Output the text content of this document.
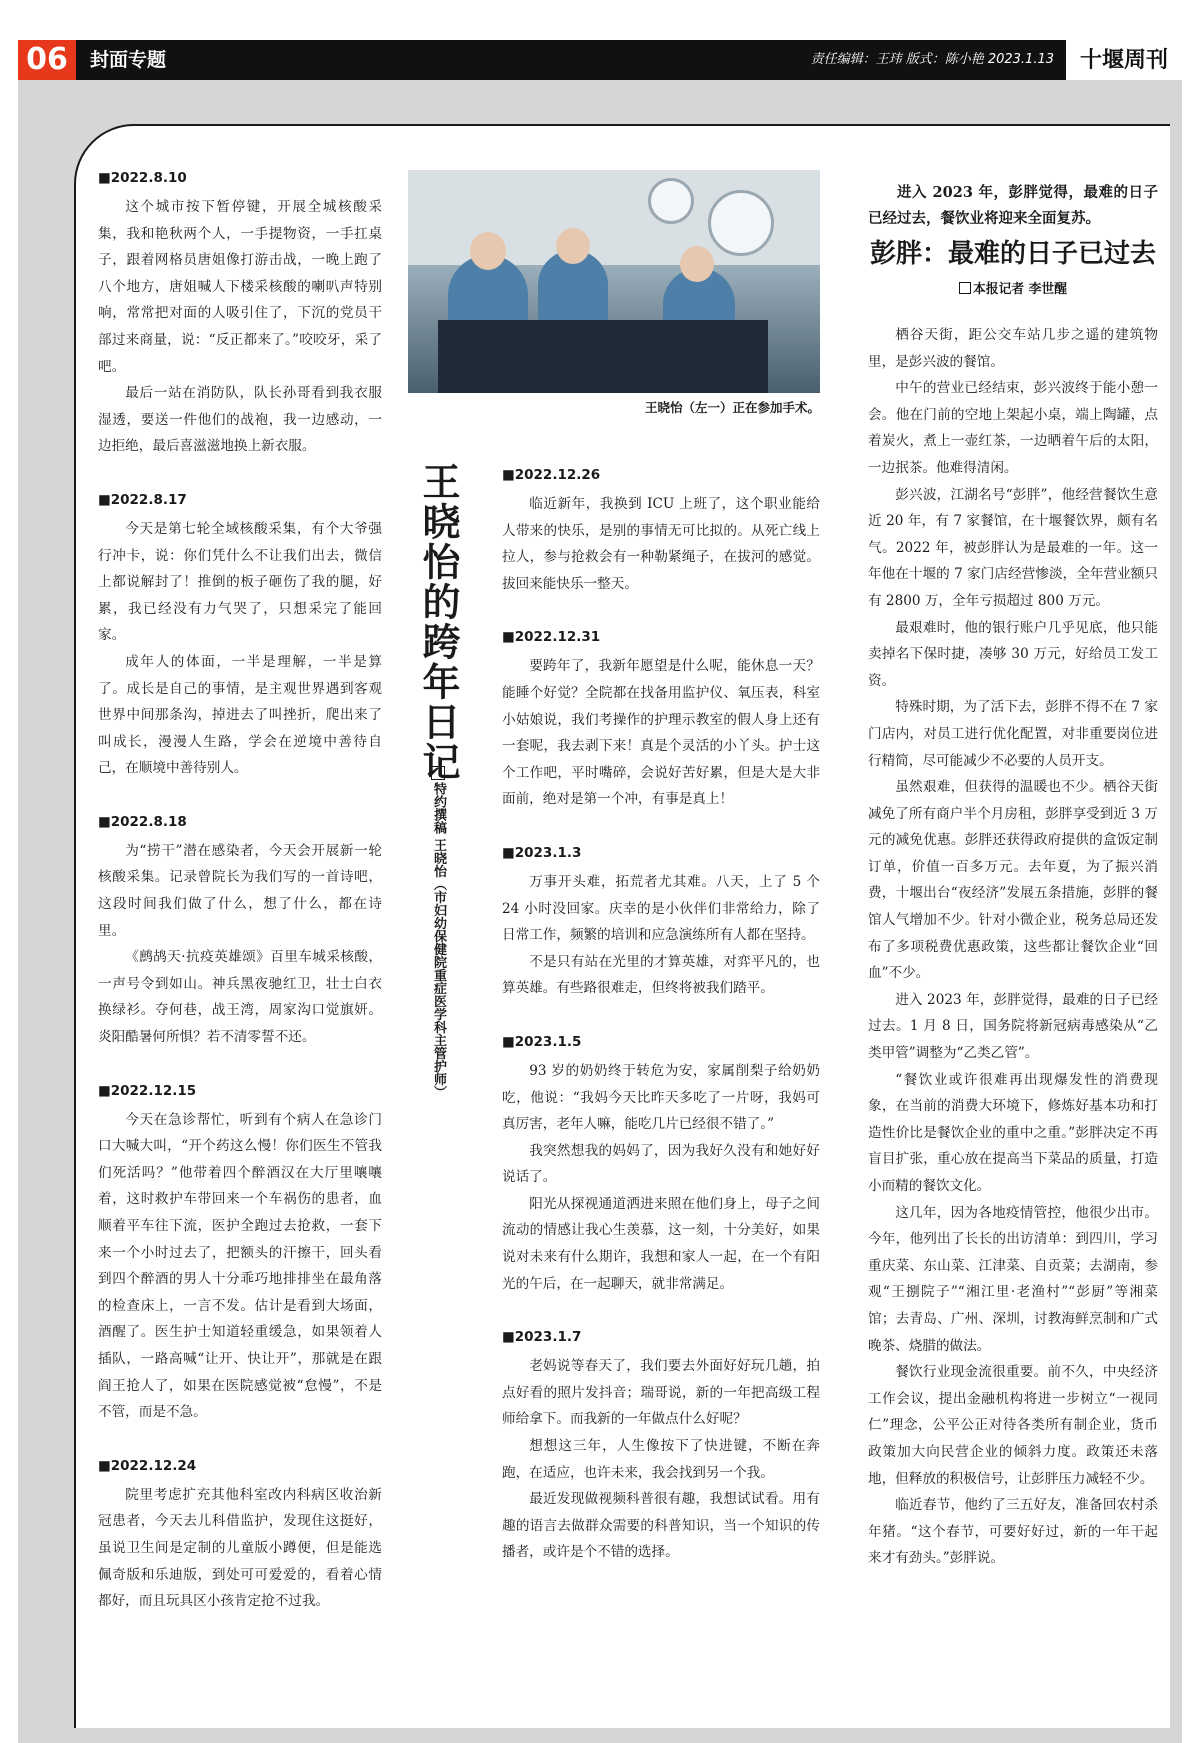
06	封面专题	责任编辑：王玮 版式：陈小艳 2023.1.13	十堰周刊
■2022.8.10

这个城市按下暂停键，开展全城核酸采集，我和艳秋两个人，一手提物资，一手扛桌子，跟着网格员唐姐像打游击战，一晚上跑了八个地方，唐姐喊人下楼采核酸的喇叭声特别响，常常把对面的人吸引住了，下沉的党员干部过来商量，说：“反正都来了。”咬咬牙，采了吧。

最后一站在消防队，队长孙哥看到我衣服湿透，要送一件他们的战袍，我一边感动，一边拒绝，最后喜滋滋地换上新衣服。

■2022.8.17

今天是第七轮全域核酸采集，有个大爷强行冲卡，说：你们凭什么不让我们出去，微信上都说解封了！推倒的板子砸伤了我的腿，好累，我已经没有力气哭了，只想采完了能回家。

成年人的体面，一半是理解，一半是算了。成长是自己的事情，是主观世界遇到客观世界中间那条沟，掉进去了叫挫折，爬出来了叫成长，漫漫人生路，学会在逆境中善待自己，在顺境中善待别人。

■2022.8.18

为“捞干”潜在感染者，今天会开展新一轮核酸采集。记录曾院长为我们写的一首诗吧，这段时间我们做了什么，想了什么，都在诗里。

《鹧鸪天·抗疫英雄颂》百里车城采核酸，一声号令到如山。神兵黑夜驰红卫，壮士白衣换绿衫。夺何巷，战王湾，周家沟口觉旗妍。炎阳酷暑何所惧？若不清零誓不还。

■2022.12.15

今天在急诊帮忙，听到有个病人在急诊门口大喊大叫，“开个药这么慢！你们医生不管我们死活吗？”他带着四个醉酒汉在大厅里嚷嚷着，这时救护车带回来一个车祸伤的患者，血顺着平车往下流，医护全跑过去抢救，一套下来一个小时过去了，把额头的汗擦干，回头看到四个醉酒的男人十分乖巧地排排坐在最角落的检查床上，一言不发。估计是看到大场面，酒醒了。医生护士知道轻重缓急，如果领着人插队，一路高喊“让开、快让开”，那就是在跟阎王抢人了，如果在医院感觉被“怠慢”，不是不管，而是不急。

■2022.12.24

院里考虑扩充其他科室改内科病区收治新冠患者，今天去儿科借监护，发现住这挺好，虽说卫生间是定制的儿童版小蹲便，但是能选佩奇版和乐迪版，到处可可爱爱的，看着心情都好，而且玩具区小孩肯定抢不过我。

王晓怡（左一）正在参加手术。
王晓怡的跨年日记
特约撰稿 王晓怡（市妇幼保健院重症医学科主管护师）
■2022.12.26

临近新年，我换到 ICU 上班了，这个职业能给人带来的快乐，是别的事情无可比拟的。从死亡线上拉人，参与抢救会有一种勒紧绳子，在拔河的感觉。拔回来能快乐一整天。

■2022.12.31

要跨年了，我新年愿望是什么呢，能休息一天？能睡个好觉？全院都在找备用监护仪、氧压表，科室小姑娘说，我们考操作的护理示教室的假人身上还有一套呢，我去剥下来！真是个灵活的小丫头。护士这个工作吧，平时嘴碎，会说好苦好累，但是大是大非面前，绝对是第一个冲，有事是真上！

■2023.1.3

万事开头难，拓荒者尤其难。八天，上了 5 个 24 小时没回家。庆幸的是小伙伴们非常给力，除了日常工作，频繁的培训和应急演练所有人都在坚持。

不是只有站在光里的才算英雄，对弈平凡的，也算英雄。有些路很难走，但终将被我们踏平。

■2023.1.5

93 岁的奶奶终于转危为安，家属削梨子给奶奶吃，他说：“我妈今天比昨天多吃了一片呀，我妈可真厉害，老年人嘛，能吃几片已经很不错了。”

我突然想我的妈妈了，因为我好久没有和她好好说话了。

阳光从探视通道洒进来照在他们身上，母子之间流动的情感让我心生羡慕，这一刻，十分美好，如果说对未来有什么期许，我想和家人一起，在一个有阳光的午后，在一起聊天，就非常满足。

■2023.1.7

老妈说等春天了，我们要去外面好好玩几趟，拍点好看的照片发抖音；瑞哥说，新的一年把高级工程师给拿下。而我新的一年做点什么好呢？

想想这三年，人生像按下了快进键，不断在奔跑，在适应，也许未来，我会找到另一个我。

最近发现做视频科普很有趣，我想试试看。用有趣的语言去做群众需要的科普知识，当一个知识的传播者，或许是个不错的选择。

进入 2023 年，彭胖觉得，最难的日子已经过去，餐饮业将迎来全面复苏。
彭胖：最难的日子已过去
本报记者 李世醒

栖谷天街，距公交车站几步之遥的建筑物里，是彭兴波的餐馆。

中午的营业已经结束，彭兴波终于能小憩一会。他在门前的空地上架起小桌，端上陶罐，点着炭火，煮上一壶红茶，一边晒着午后的太阳，一边抿茶。他难得清闲。

彭兴波，江湖名号“彭胖”，他经营餐饮生意近 20 年，有 7 家餐馆，在十堰餐饮界，颇有名气。2022 年，被彭胖认为是最难的一年。这一年他在十堰的 7 家门店经营惨淡，全年营业额只有 2800 万，全年亏损超过 800 万元。

最艰难时，他的银行账户几乎见底，他只能卖掉名下保时捷，凑够 30 万元，好给员工发工资。

特殊时期，为了活下去，彭胖不得不在 7 家门店内，对员工进行优化配置，对非重要岗位进行精简，尽可能减少不必要的人员开支。

虽然艰难，但获得的温暖也不少。栖谷天街减免了所有商户半个月房租，彭胖享受到近 3 万元的减免优惠。彭胖还获得政府提供的盒饭定制订单，价值一百多万元。去年夏，为了振兴消费，十堰出台“夜经济”发展五条措施，彭胖的餐馆人气增加不少。针对小微企业，税务总局还发布了多项税费优惠政策，这些都让餐饮企业“回血”不少。

进入 2023 年，彭胖觉得，最难的日子已经过去。1 月 8 日，国务院将新冠病毒感染从“乙类甲管”调整为“乙类乙管”。

“餐饮业或许很难再出现爆发性的消费现象，在当前的消费大环境下，修炼好基本功和打造性价比是餐饮企业的重中之重。”彭胖决定不再盲目扩张，重心放在提高当下菜品的质量，打造小而精的餐饮文化。

这几年，因为各地疫情管控，他很少出市。今年，他列出了长长的出访清单：到四川，学习重庆菜、东山菜、江津菜、自贡菜；去湖南，参观“王捌院子”“湘江里·老渔村”“彭厨”等湘菜馆；去青岛、广州、深圳，讨教海鲜烹制和广式晚茶、烧腊的做法。

餐饮行业现金流很重要。前不久，中央经济工作会议，提出金融机构将进一步树立“一视同仁”理念，公平公正对待各类所有制企业，货币政策加大向民营企业的倾斜力度。政策还未落地，但释放的积极信号，让彭胖压力减轻不少。

临近春节，他约了三五好友，准备回农村杀年猪。“这个春节，可要好好过，新的一年干起来才有劲头。”彭胖说。
